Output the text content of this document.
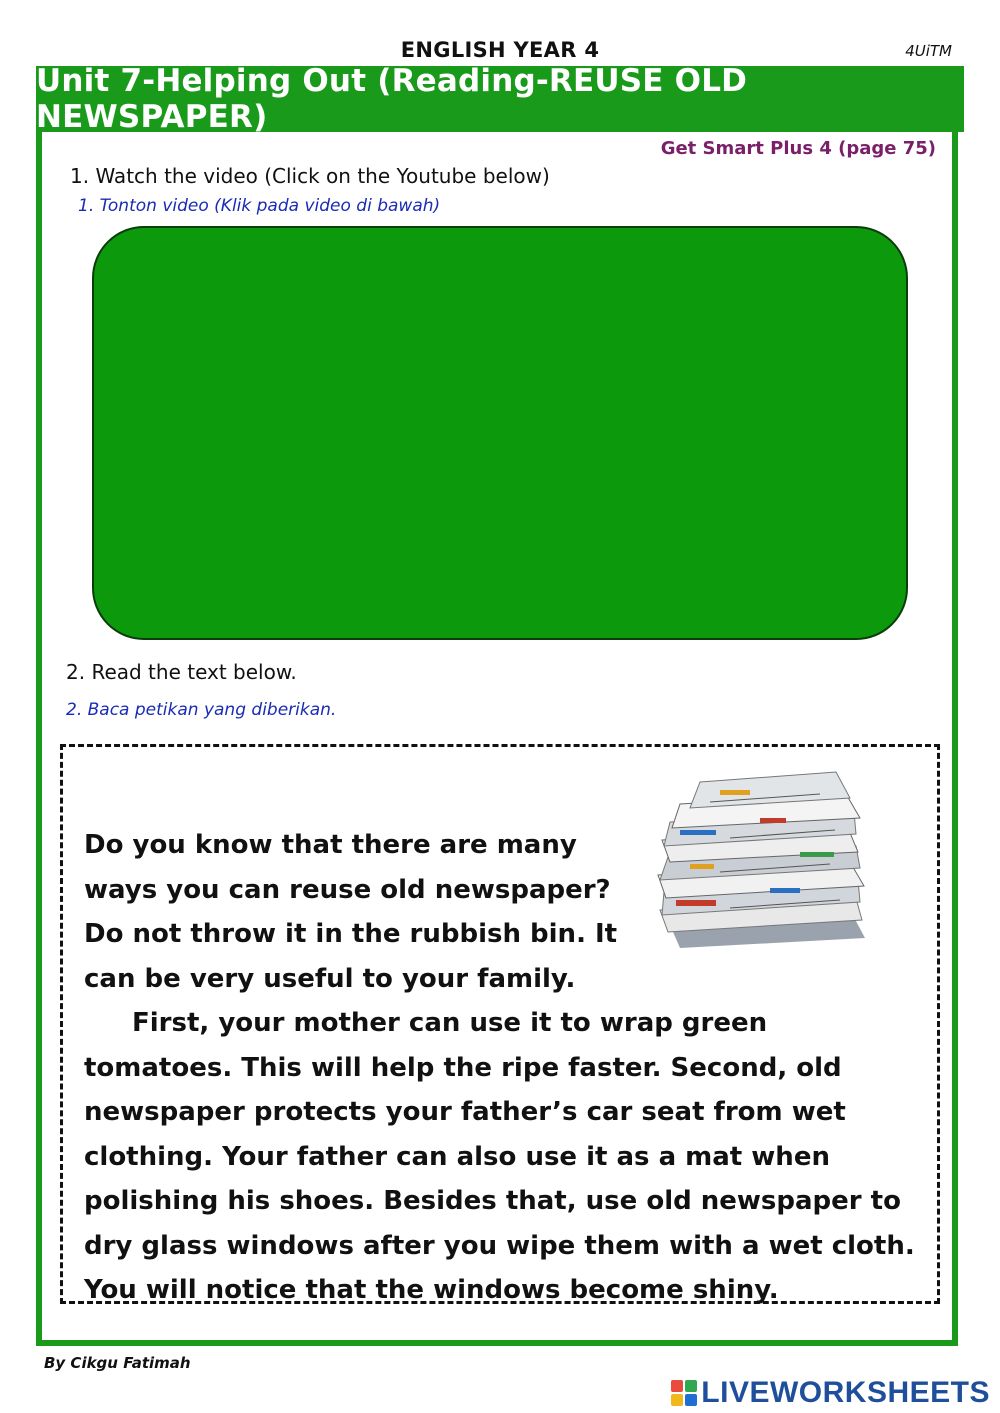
ENGLISH YEAR 4	4UiTM
Unit 7-Helping Out (Reading-REUSE OLD NEWSPAPER)
Get Smart Plus 4 (page 75)
1. Watch the video (Click on the Youtube below)
1. Tonton video (Klik pada video di bawah)
2. Read the text below.
2. Baca petikan yang diberikan.
Do you know that there are many ways you can reuse old newspaper? Do not throw it in the rubbish bin. It can be very useful to your family.
First, your mother can use it to wrap green tomatoes. This will help the ripe faster. Second, old newspaper protects your father’s car seat from wet clothing. Your father can also use it as a mat when polishing his shoes. Besides that, use old newspaper to dry glass windows after you wipe them with a wet cloth. You will notice that the windows become shiny.
By Cikgu Fatimah
LIVEWORKSHEETS
